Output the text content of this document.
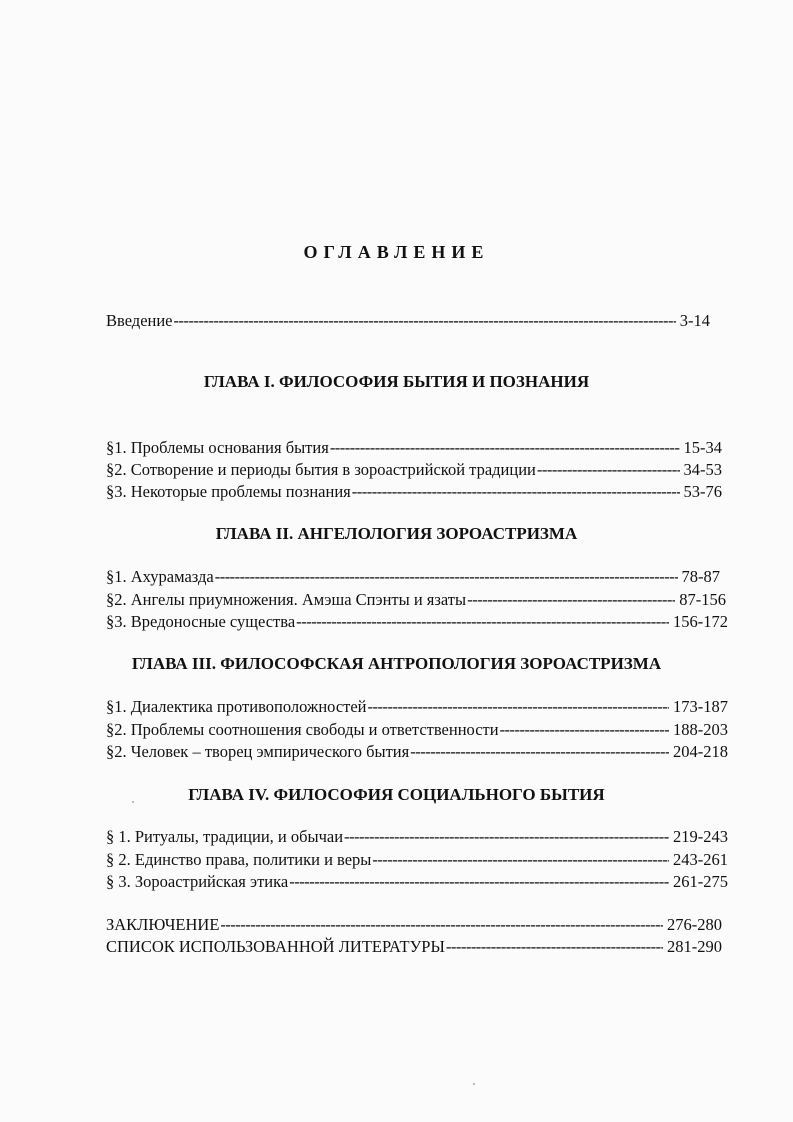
ОГЛАВЛЕНИЕ
Введение -----	3-14
ГЛАВА I. ФИЛОСОФИЯ БЫТИЯ И ПОЗНАНИЯ
§1. Проблемы основания бытия -----	15-34
§2. Сотворение и периоды бытия в зороастрийской традиции -----	34-53
§3. Некоторые проблемы познания -----	53-76
ГЛАВА II. АНГЕЛОЛОГИЯ ЗОРОАСТРИЗМА
§1. Ахурамазда -----	78-87
§2. Ангелы приумножения. Амэша Спэнты и язаты -----	87-156
§3. Вредоносные существа -----	156-172
ГЛАВА III. ФИЛОСОФСКАЯ АНТРОПОЛОГИЯ ЗОРОАСТРИЗМА
§1. Диалектика противоположностей -----	173-187
§2. Проблемы соотношения свободы и ответственности -----	188-203
§2. Человек – творец эмпирического бытия -----	204-218
ГЛАВА IV. ФИЛОСОФИЯ СОЦИАЛЬНОГО БЫТИЯ
§ 1. Ритуалы, традиции, и обычаи -----	219-243
§ 2. Единство права, политики и веры -----	243-261
§ 3. Зороастрийская этика -----	261-275
ЗАКЛЮЧЕНИЕ -----	276-280
СПИСОК ИСПОЛЬЗОВАННОЙ ЛИТЕРАТУРЫ -----	281-290
